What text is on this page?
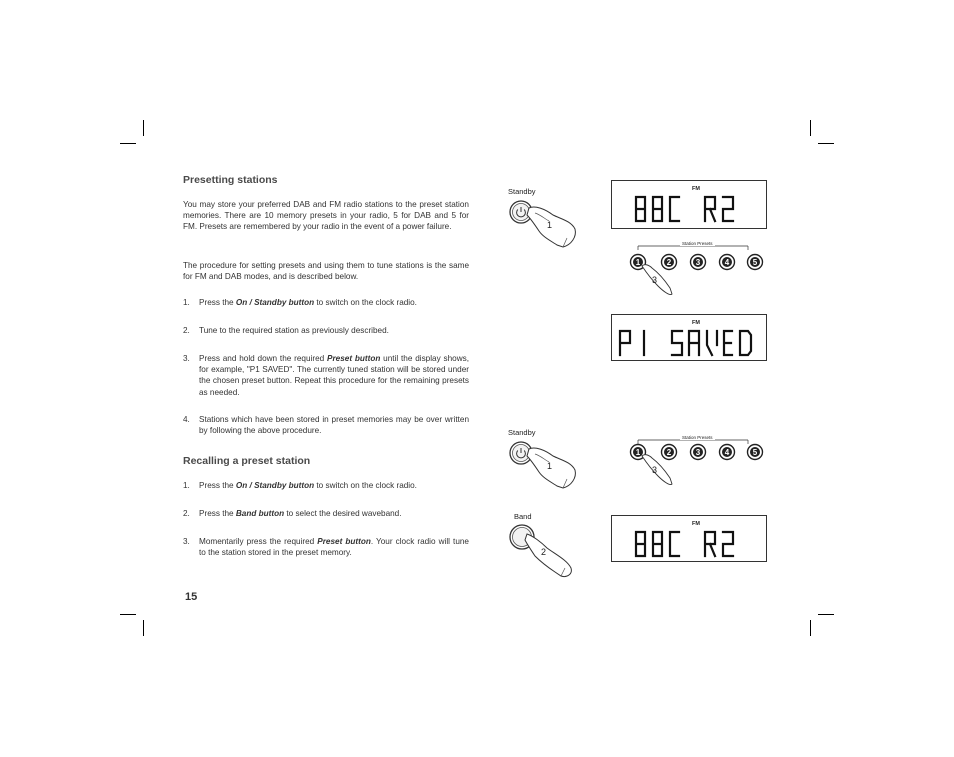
Presetting stations

You may store your preferred DAB and FM radio stations to the preset station memories. There are 10 memory presets in your radio, 5 for DAB and 5 for FM. Presets are remembered by your radio in the event of a power failure.

The procedure for setting presets and using them to tune stations is the same for FM and DAB modes, and is described below.

1. Press the On / Standby button to switch on the clock radio.
2. Tune to the required station as previously described.
3. Press and hold down the required Preset button until the display shows, for example, "P1 SAVED". The currently tuned station will be stored under the chosen preset button. Repeat this procedure for the remaining presets as needed.
4. Stations which have been stored in preset memories may be over written by following the above procedure.
Recalling a preset station
1. Press the On / Standby button to switch on the clock radio.
2. Press the Band button to select the desired waveband.
3. Momentarily press the required Preset button. Your clock radio will tune to the station stored in the preset memory.
15
Standby
1
FM
Station Presets
1	2	3	4	5
3
FM
Standby
1
Station Presets
1	2	3	4	5
3
Band
2
FM
